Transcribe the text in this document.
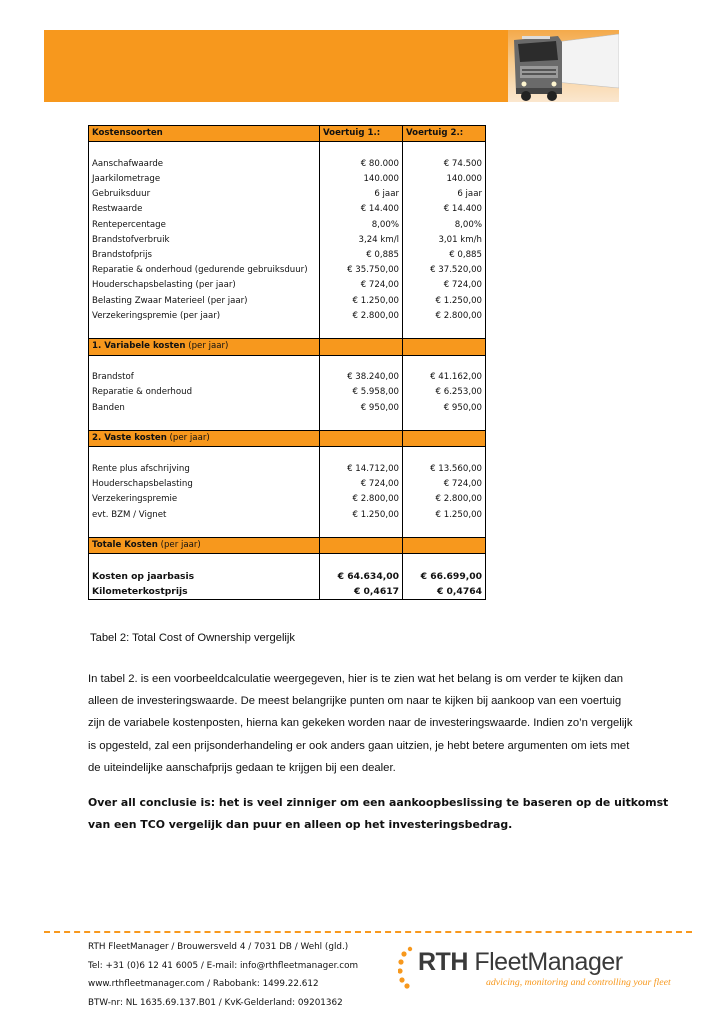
Kostensoorten	Voertuig 1.:	Voertuig 2.:

Aanschafwaarde	€ 80.000	€ 74.500
Jaarkilometrage	140.000	140.000
Gebruiksduur	6 jaar	6 jaar
Restwaarde	€ 14.400	€ 14.400
Rentepercentage	8,00%	8,00%
Brandstofverbruik	3,24 km/l	3,01 km/h
Brandstofprijs	€ 0,885	€ 0,885
Reparatie & onderhoud (gedurende gebruiksduur)	€ 35.750,00	€ 37.520,00
Houderschapsbelasting (per jaar)	€ 724,00	€ 724,00
Belasting Zwaar Materieel (per jaar)	€ 1.250,00	€ 1.250,00
Verzekeringspremie (per jaar)	€ 2.800,00	€ 2.800,00

1. Variabele kosten (per jaar)		

Brandstof	€ 38.240,00	€ 41.162,00
Reparatie & onderhoud	€ 5.958,00	€ 6.253,00
Banden	€ 950,00	€ 950,00

2. Vaste kosten (per jaar)		

Rente plus afschrijving	€ 14.712,00	€ 13.560,00
Houderschapsbelasting	€ 724,00	€ 724,00
Verzekeringspremie	€ 2.800,00	€ 2.800,00
evt. BZM / Vignet	€ 1.250,00	€ 1.250,00

Totale Kosten (per jaar)		

Kosten op jaarbasis	€ 64.634,00	€ 66.699,00
Kilometerkostprijs	€ 0,4617	€ 0,4764
Tabel 2: Total Cost of Ownership vergelijk

In tabel 2. is een voorbeeldcalculatie weergegeven, hier is te zien wat het belang is om verder te kijken dan

alleen de investeringswaarde. De meest belangrijke punten om naar te kijken bij aankoop van een voertuig

zijn de variabele kostenposten, hierna kan gekeken worden naar de investeringswaarde. Indien zo’n vergelijk

is opgesteld, zal een prijsonderhandeling er ook anders gaan uitzien, je hebt betere argumenten om iets met

de uiteindelijke aanschafprijs gedaan te krijgen bij een dealer.

Over all conclusie is: het is veel zinniger om een aankoopbeslissing te baseren op de uitkomst

van een TCO vergelijk dan puur en alleen op het investeringsbedrag.

RTH FleetManager / Brouwersveld 4 / 7031 DB / Wehl (gld.)
Tel: +31 (0)6 12 41 6005 / E-mail: info@rthfleetmanager.com
www.rthfleetmanager.com / Rabobank: 1499.22.612
BTW-nr: NL 1635.69.137.B01 / KvK-Gelderland: 09201362
RTH FleetManager
advicing, monitoring and controlling your fleet
